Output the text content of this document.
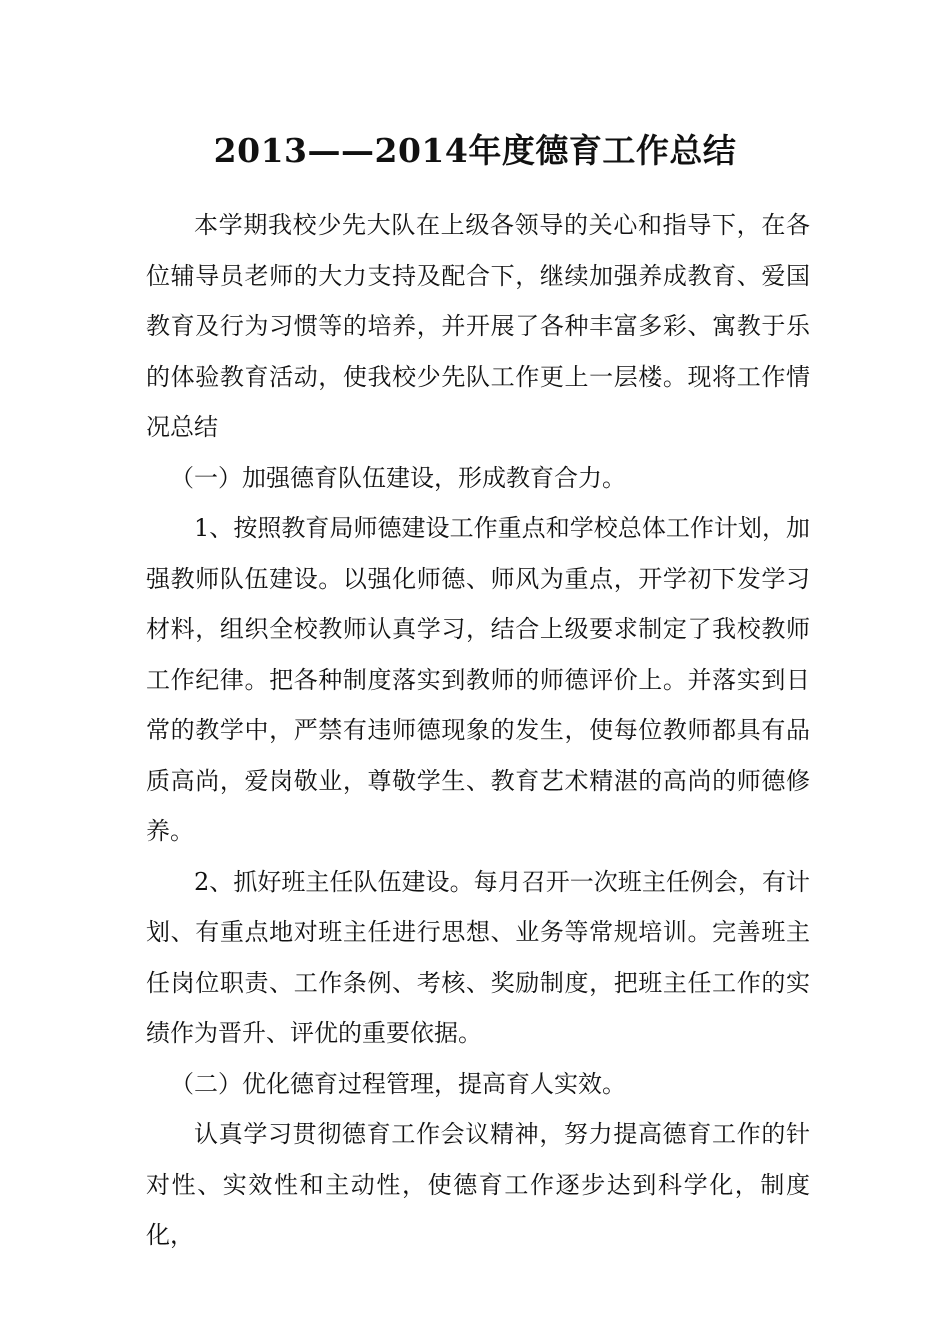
2013——2014年度德育工作总结

本学期我校少先大队在上级各领导的关心和指导下，在各位辅导员老师的大力支持及配合下，继续加强养成教育、爱国教育及行为习惯等的培养，并开展了各种丰富多彩、寓教于乐的体验教育活动，使我校少先队工作更上一层楼。现将工作情况总结

（一）加强德育队伍建设，形成教育合力。

1、按照教育局师德建设工作重点和学校总体工作计划，加强教师队伍建设。以强化师德、师风为重点，开学初下发学习材料，组织全校教师认真学习，结合上级要求制定了我校教师工作纪律。把各种制度落实到教师的师德评价上。并落实到日常的教学中，严禁有违师德现象的发生，使每位教师都具有品质高尚，爱岗敬业，尊敬学生、教育艺术精湛的高尚的师德修养。

2、抓好班主任队伍建设。每月召开一次班主任例会，有计划、有重点地对班主任进行思想、业务等常规培训。完善班主任岗位职责、工作条例、考核、奖励制度，把班主任工作的实绩作为晋升、评优的重要依据。

（二）优化德育过程管理，提高育人实效。

认真学习贯彻德育工作会议精神，努力提高德育工作的针对性、实效性和主动性，使德育工作逐步达到科学化，制度化，
